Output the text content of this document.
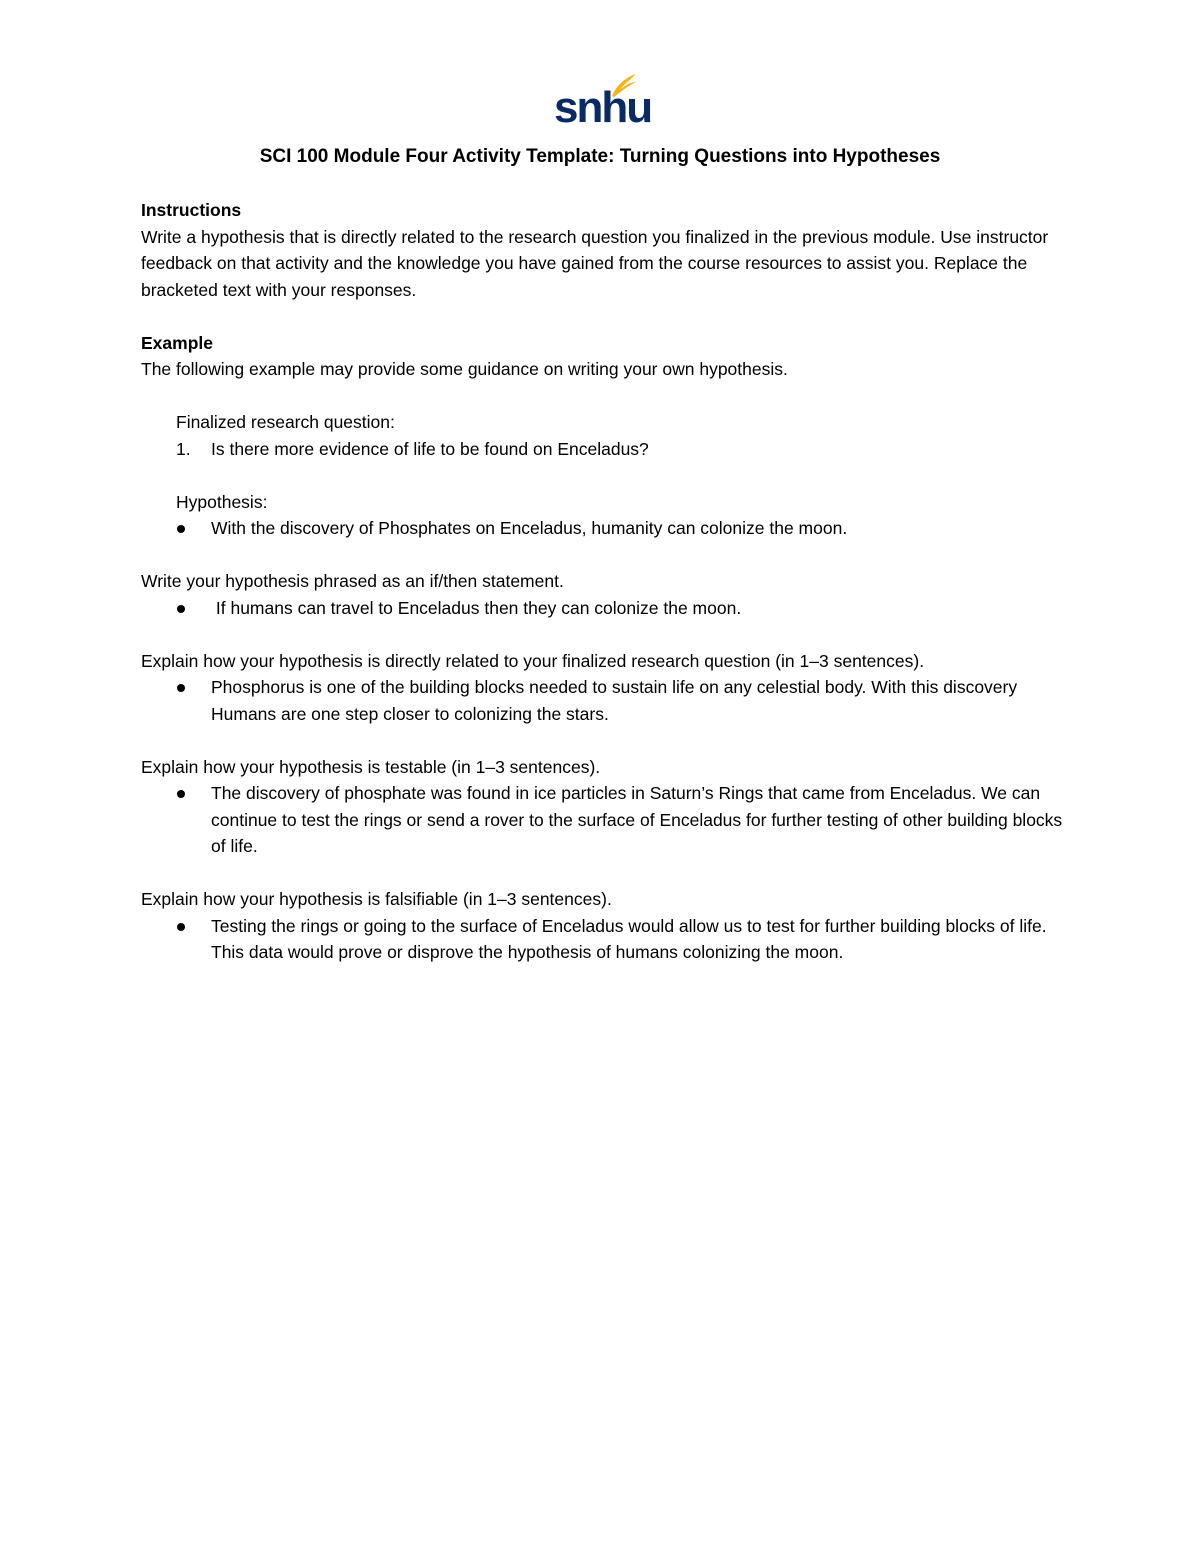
snhu
SCI 100 Module Four Activity Template: Turning Questions into Hypotheses

Instructions

Write a hypothesis that is directly related to the research question you finalized in the previous module. Use instructor feedback on that activity and the knowledge you have gained from the course resources to assist you. Replace the bracketed text with your responses.

Example

The following example may provide some guidance on writing your own hypothesis.

Finalized research question:

1. Is there more evidence of life to be found on Enceladus?

Hypothesis:

With the discovery of Phosphates on Enceladus, humanity can colonize the moon.

Write your hypothesis phrased as an if/then statement.

If humans can travel to Enceladus then they can colonize the moon.

Explain how your hypothesis is directly related to your finalized research question (in 1–3 sentences).

Phosphorus is one of the building blocks needed to sustain life on any celestial body. With this discovery Humans are one step closer to colonizing the stars.

Explain how your hypothesis is testable (in 1–3 sentences).

The discovery of phosphate was found in ice particles in Saturn’s Rings that came from Enceladus. We can continue to test the rings or send a rover to the surface of Enceladus for further testing of other building blocks of life.

Explain how your hypothesis is falsifiable (in 1–3 sentences).

Testing the rings or going to the surface of Enceladus would allow us to test for further building blocks of life. This data would prove or disprove the hypothesis of humans colonizing the moon.
